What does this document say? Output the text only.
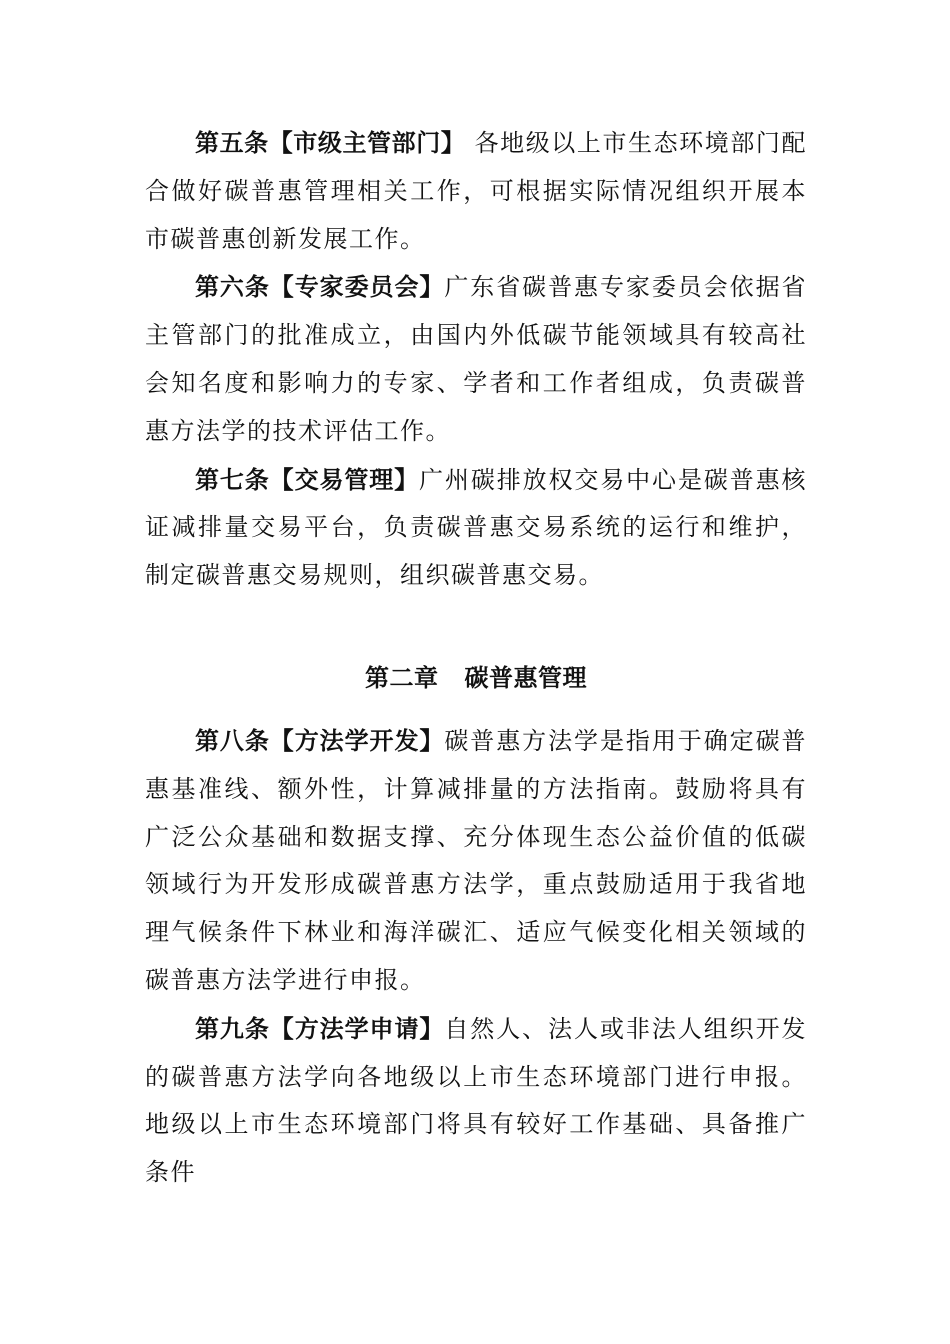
第五条【市级主管部门】 各地级以上市生态环境部门配合做好碳普惠管理相关工作，可根据实际情况组织开展本市碳普惠创新发展工作。

第六条【专家委员会】广东省碳普惠专家委员会依据省主管部门的批准成立，由国内外低碳节能领域具有较高社会知名度和影响力的专家、学者和工作者组成，负责碳普惠方法学的技术评估工作。

第七条【交易管理】广州碳排放权交易中心是碳普惠核证减排量交易平台，负责碳普惠交易系统的运行和维护，制定碳普惠交易规则，组织碳普惠交易。

第二章 碳普惠管理

第八条【方法学开发】碳普惠方法学是指用于确定碳普惠基准线、额外性，计算减排量的方法指南。鼓励将具有广泛公众基础和数据支撑、充分体现生态公益价值的低碳领域行为开发形成碳普惠方法学，重点鼓励适用于我省地理气候条件下林业和海洋碳汇、适应气候变化相关领域的碳普惠方法学进行申报。

第九条【方法学申请】自然人、法人或非法人组织开发的碳普惠方法学向各地级以上市生态环境部门进行申报。地级以上市生态环境部门将具有较好工作基础、具备推广条件
